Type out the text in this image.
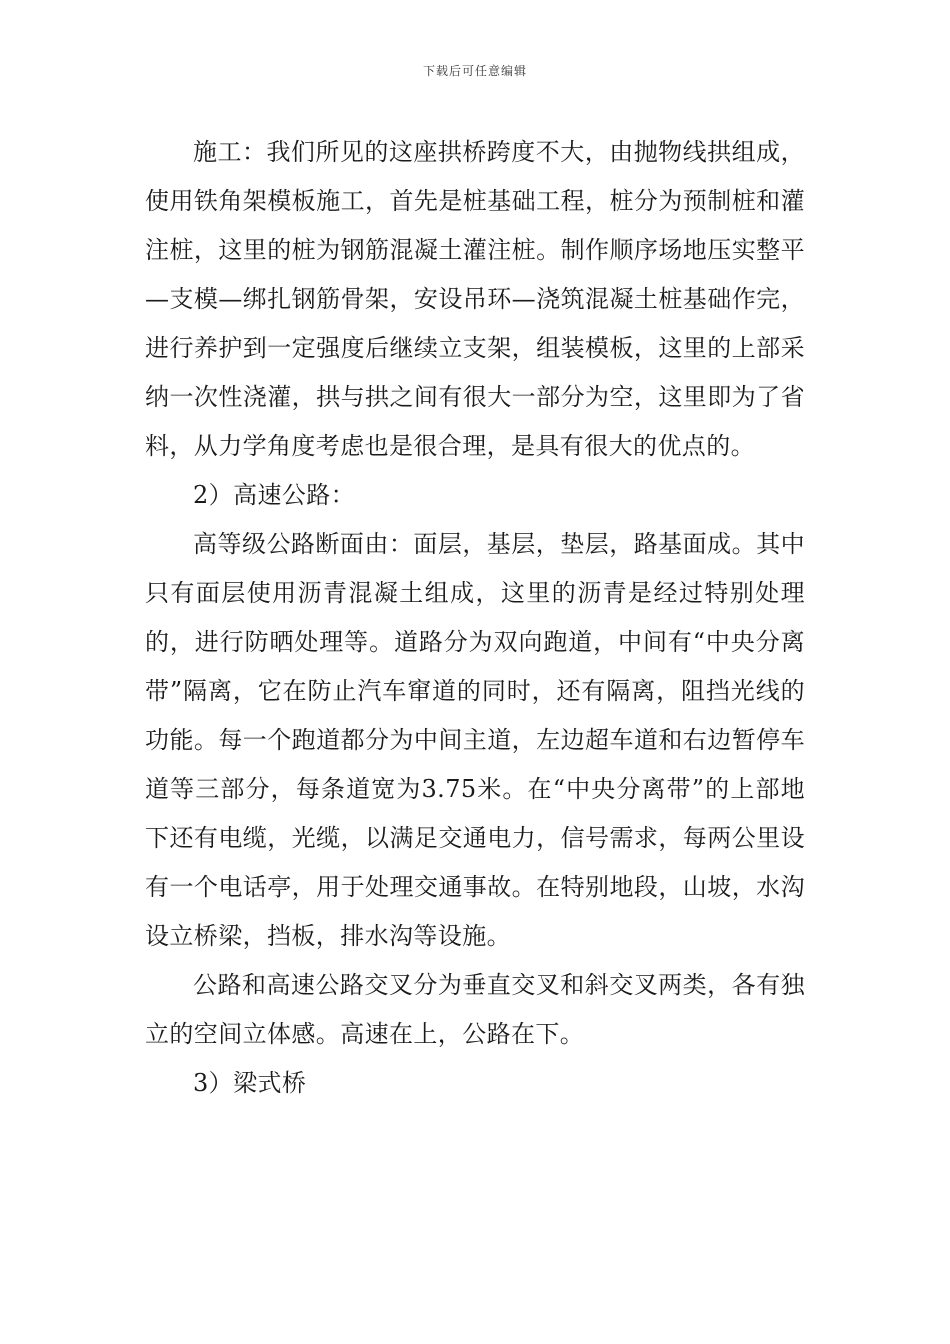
下载后可任意编辑

施工：我们所见的这座拱桥跨度不大，由抛物线拱组成，使用铁角架模板施工，首先是桩基础工程，桩分为预制桩和灌注桩，这里的桩为钢筋混凝土灌注桩。制作顺序场地压实整平—支模—绑扎钢筋骨架，安设吊环—浇筑混凝土桩基础作完，进行养护到一定强度后继续立支架，组装模板，这里的上部采纳一次性浇灌，拱与拱之间有很大一部分为空，这里即为了省料，从力学角度考虑也是很合理，是具有很大的优点的。

2）高速公路：

高等级公路断面由：面层，基层，垫层，路基面成。其中只有面层使用沥青混凝土组成，这里的沥青是经过特别处理的，进行防晒处理等。道路分为双向跑道，中间有“中央分离带”隔离，它在防止汽车窜道的同时，还有隔离，阻挡光线的功能。每一个跑道都分为中间主道，左边超车道和右边暂停车道等三部分，每条道宽为3.75米。在“中央分离带”的上部地下还有电缆，光缆，以满足交通电力，信号需求，每两公里设有一个电话亭，用于处理交通事故。在特别地段，山坡，水沟设立桥梁，挡板，排水沟等设施。

公路和高速公路交叉分为垂直交叉和斜交叉两类，各有独立的空间立体感。高速在上，公路在下。

3）梁式桥
